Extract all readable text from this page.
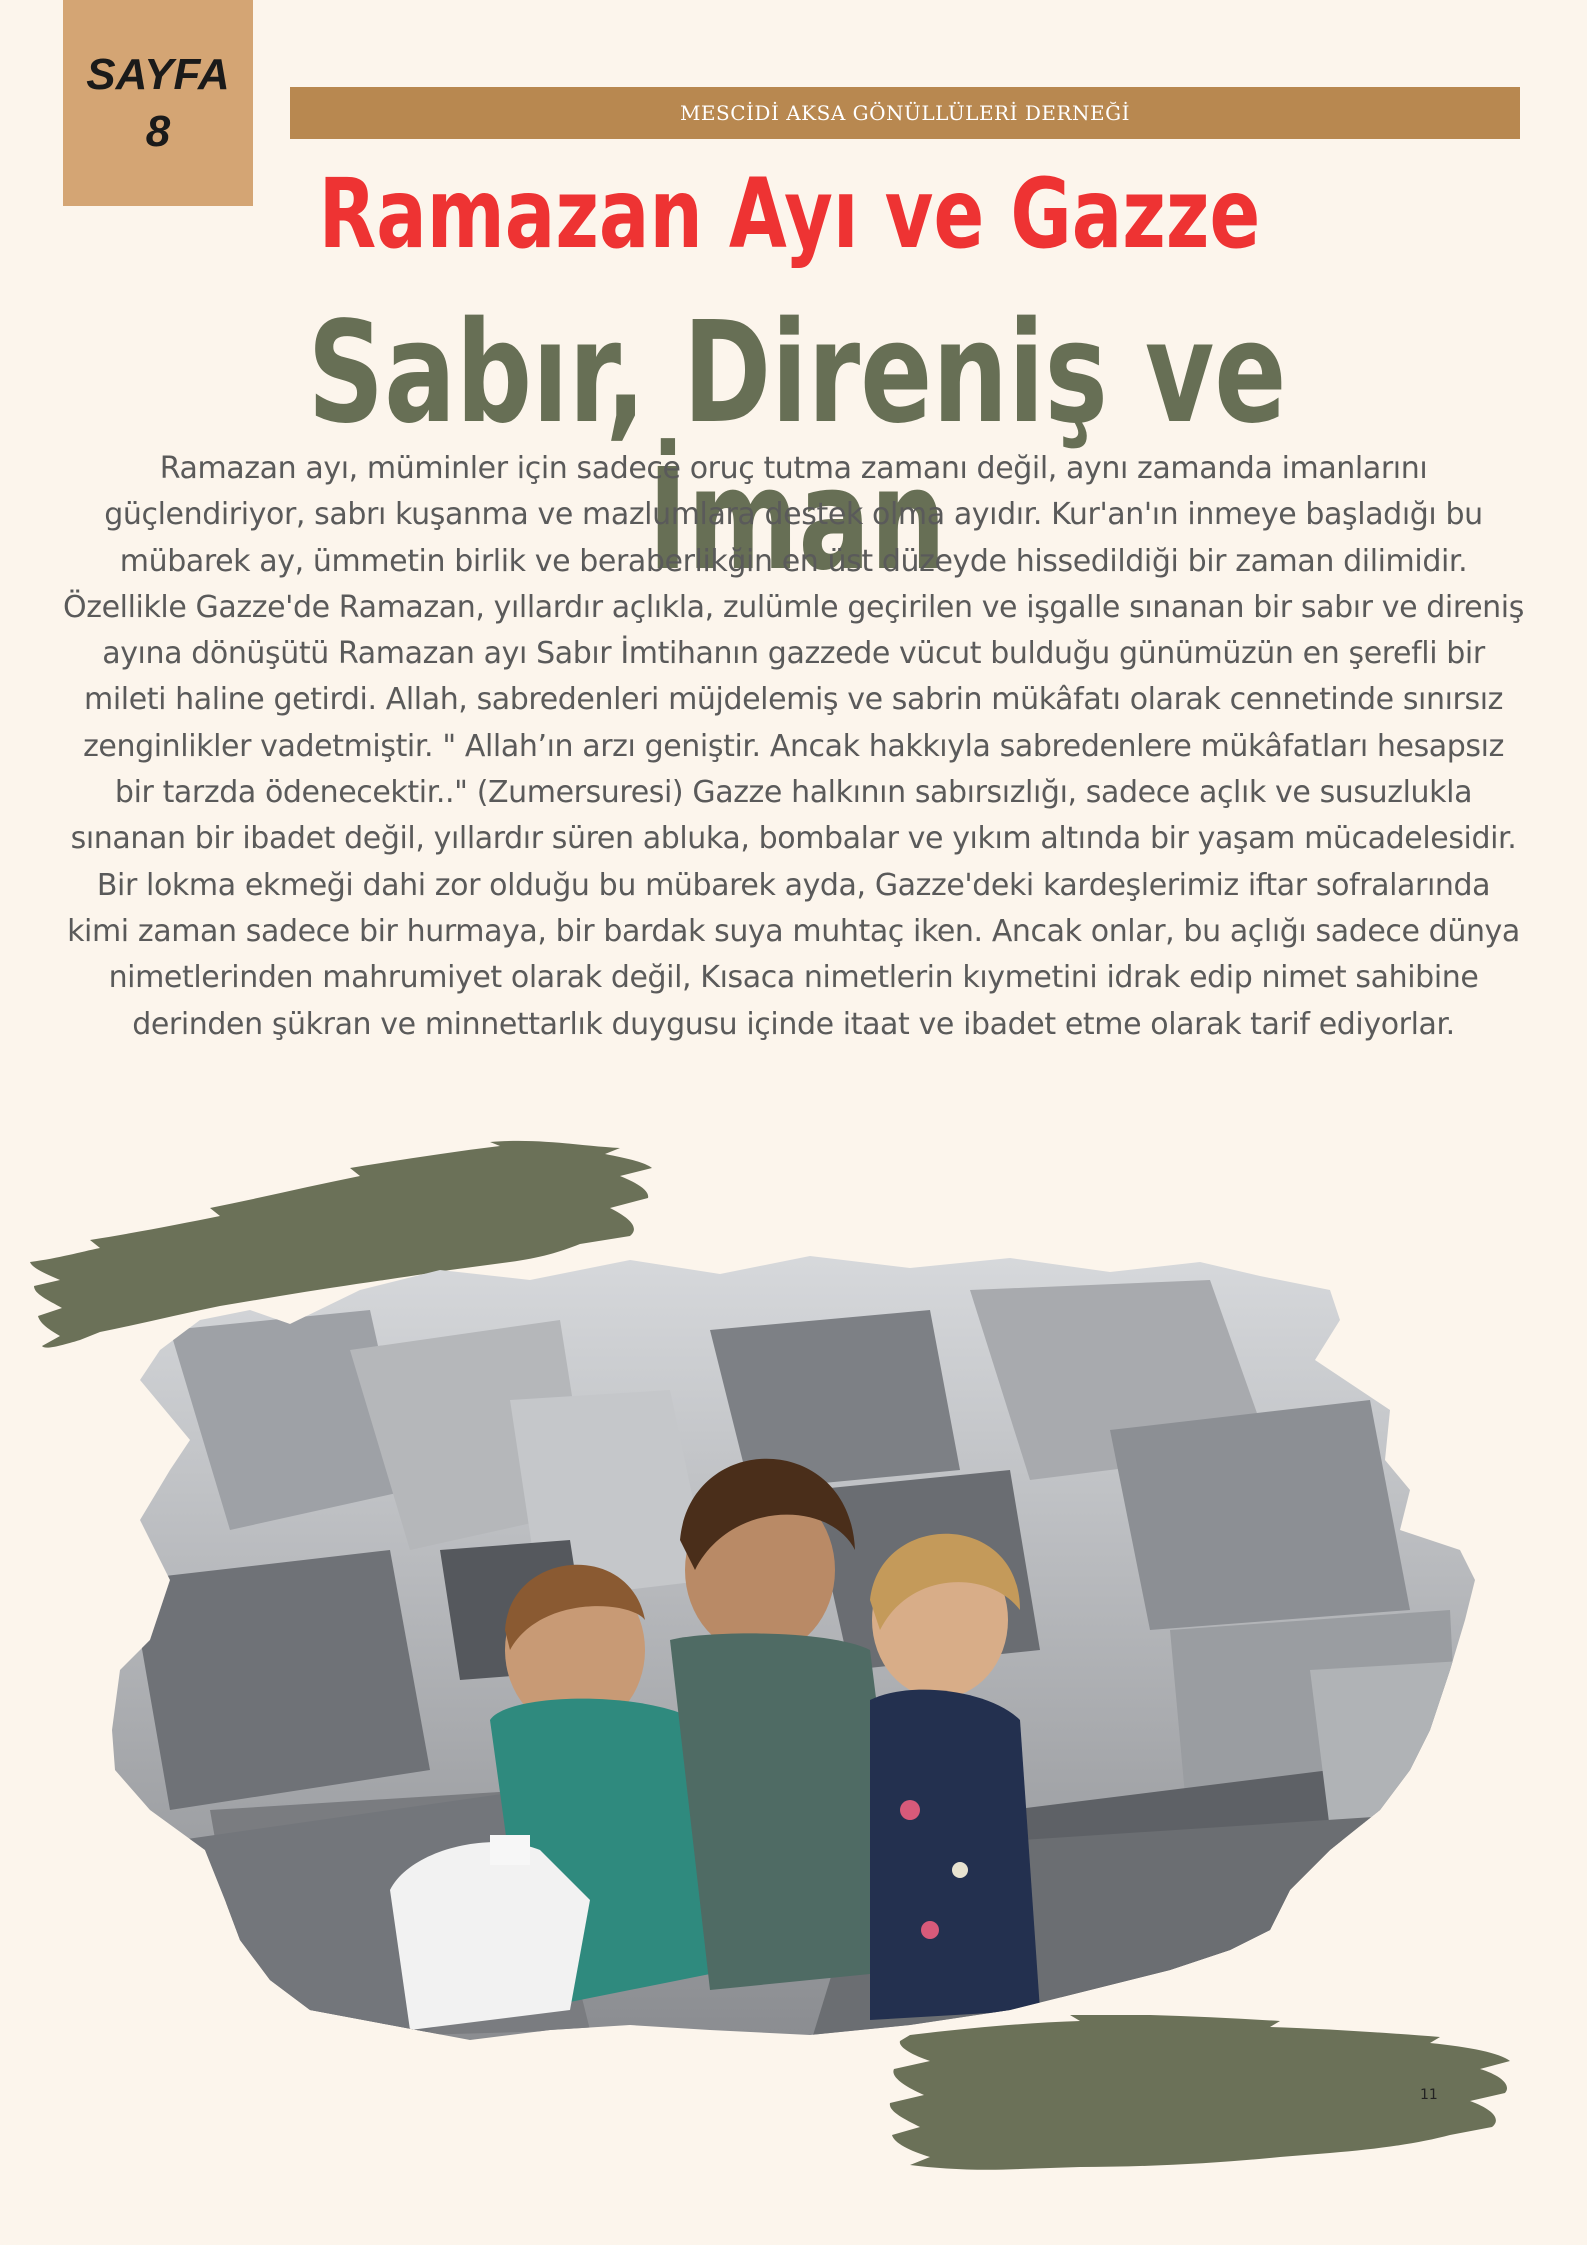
SAYFA
8	MESCİDİ AKSA GÖNÜLLÜLERİ DERNEĞİ
Ramazan Ayı ve Gazze
Sabır, Direniş ve İman

Ramazan ayı, müminler için sadece oruç tutma zamanı değil, aynı zamanda imanlarını güçlendiriyor, sabrı kuşanma ve mazlumlara destek olma ayıdır. Kur'an'ın inmeye başladığı bu mübarek ay, ümmetin birlik ve beraberlikğin en üst düzeyde hissedildiği bir zaman dilimidir. Özellikle Gazze'de Ramazan, yıllardır açlıkla, zulümle geçirilen ve işgalle sınanan bir sabır ve direniş ayına dönüşütü Ramazan ayı Sabır İmtihanın gazzede vücut bulduğu günümüzün en şerefli bir mileti haline getirdi. Allah, sabredenleri müjdelemiş ve sabrin mükâfatı olarak cennetinde sınırsız zenginlikler vadetmiştir. " Allah’ın arzı geniştir. Ancak hakkıyla sabredenlere mükâfatları hesapsız bir tarzda ödenecektir.." (Zumersuresi) Gazze halkının sabırsızlığı, sadece açlık ve susuzlukla sınanan bir ibadet değil, yıllardır süren abluka, bombalar ve yıkım altında bir yaşam mücadelesidir. Bir lokma ekmeği dahi zor olduğu bu mübarek ayda, Gazze'deki kardeşlerimiz iftar sofralarında kimi zaman sadece bir hurmaya, bir bardak suya muhtaç iken. Ancak onlar, bu açlığı sadece dünya nimetlerinden mahrumiyet olarak değil, Kısaca nimetlerin kıymetini idrak edip nimet sahibine derinden şükran ve minnettarlık duygusu içinde itaat ve ibadet etme olarak tarif ediyorlar.

11
